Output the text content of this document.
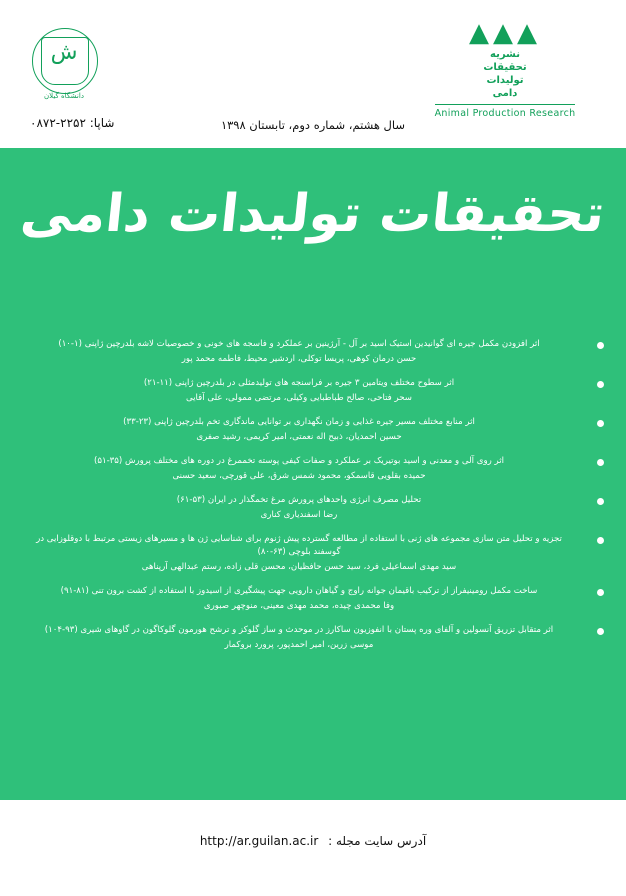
ش
دانشگاه گیلان
▲▲▲
نشریه
تحقیقات
تولیدات
دامی
Animal Production Research
سال هشتم، شماره دوم، تابستان ۱۳۹۸
شاپا: ۲۲۵۲-۰۸۷۲
تحقیقات تولیدات دامی
اثر افزودن مکمل جیره ای گوانیدین استیک اسید بر آل - آرژینین بر عملکرد و فاسجه های خونی و خصوصیات لاشه بلدرچین ژاپنی (۱-۱۰)
حسن درمان کوهی، پریسا توکلی، اردشیر محیط، فاطمه محمد پور
اثر سطوح مختلف ویتامین ۳ جیره بر فراسنجه های تولیدمثلی در بلدرچین ژاپنی (۱۱-۲۱)
سحر فتاحی، صالح طباطبایی وکیلی، مرتضی ممولی، علی آقایی
اثر منابع مختلف مسیر جیره غذایی و زمان نگهداری بر توانایی ماندگاری تخم بلدرچین ژاپنی (۲۳-۳۳)
حسین احمدیان، ذبیح اله نعمتی، امیر کریمی، رشید صفری
اثر روی آلی و معدنی و اسید بوتیریک بر عملکرد و صفات کیفی پوسته تخممرغ در دوره های مختلف پرورش (۳۵-۵۱)
حمیده بقلویی قاسمکو، محمود شمس شرق، علی قورچی، سعید حسنی
تحلیل مصرف انرژی واحدهای پرورش مرغ تخمگذار در ایران (۵۳-۶۱)
رضا اسفندیاری کناری
تجزیه و تحلیل متن سازی مجموعه های ژنی با استفاده از مطالعه گسترده پیش ژنوم برای شناسایی ژن ها و مسیرهای زیستی مرتبط با دوقلوزایی در گوسفند بلوچی (۶۳-۸۰)
سید مهدی اسماعیلی فرد، سید حسن حافظیان، محسن قلی زاده، رستم عبدالهی آرپناهی
ساخت مکمل رومینیفراز از ترکیب باقیمان جوانه راوج و گیاهان دارویی جهت پیشگیری از اسیدوز با استفاده از کشت برون تنی (۸۱-۹۱)
وفا محمدی چیده، محمد مهدی معینی، منوچهر صبوری
اثر متقابل تزریق آنسولین و آلفای وره پستان با انفوزیون ساکارز در موحدث و ساز گلوکز و ترشح هورمون گلوکاگون در گاوهای شیری (۹۳-۱۰۴)
موسی زرین، امیر احمدپور، پرورد بروکمار
آدرس سایت مجله : http://ar.guilan.ac.ir
